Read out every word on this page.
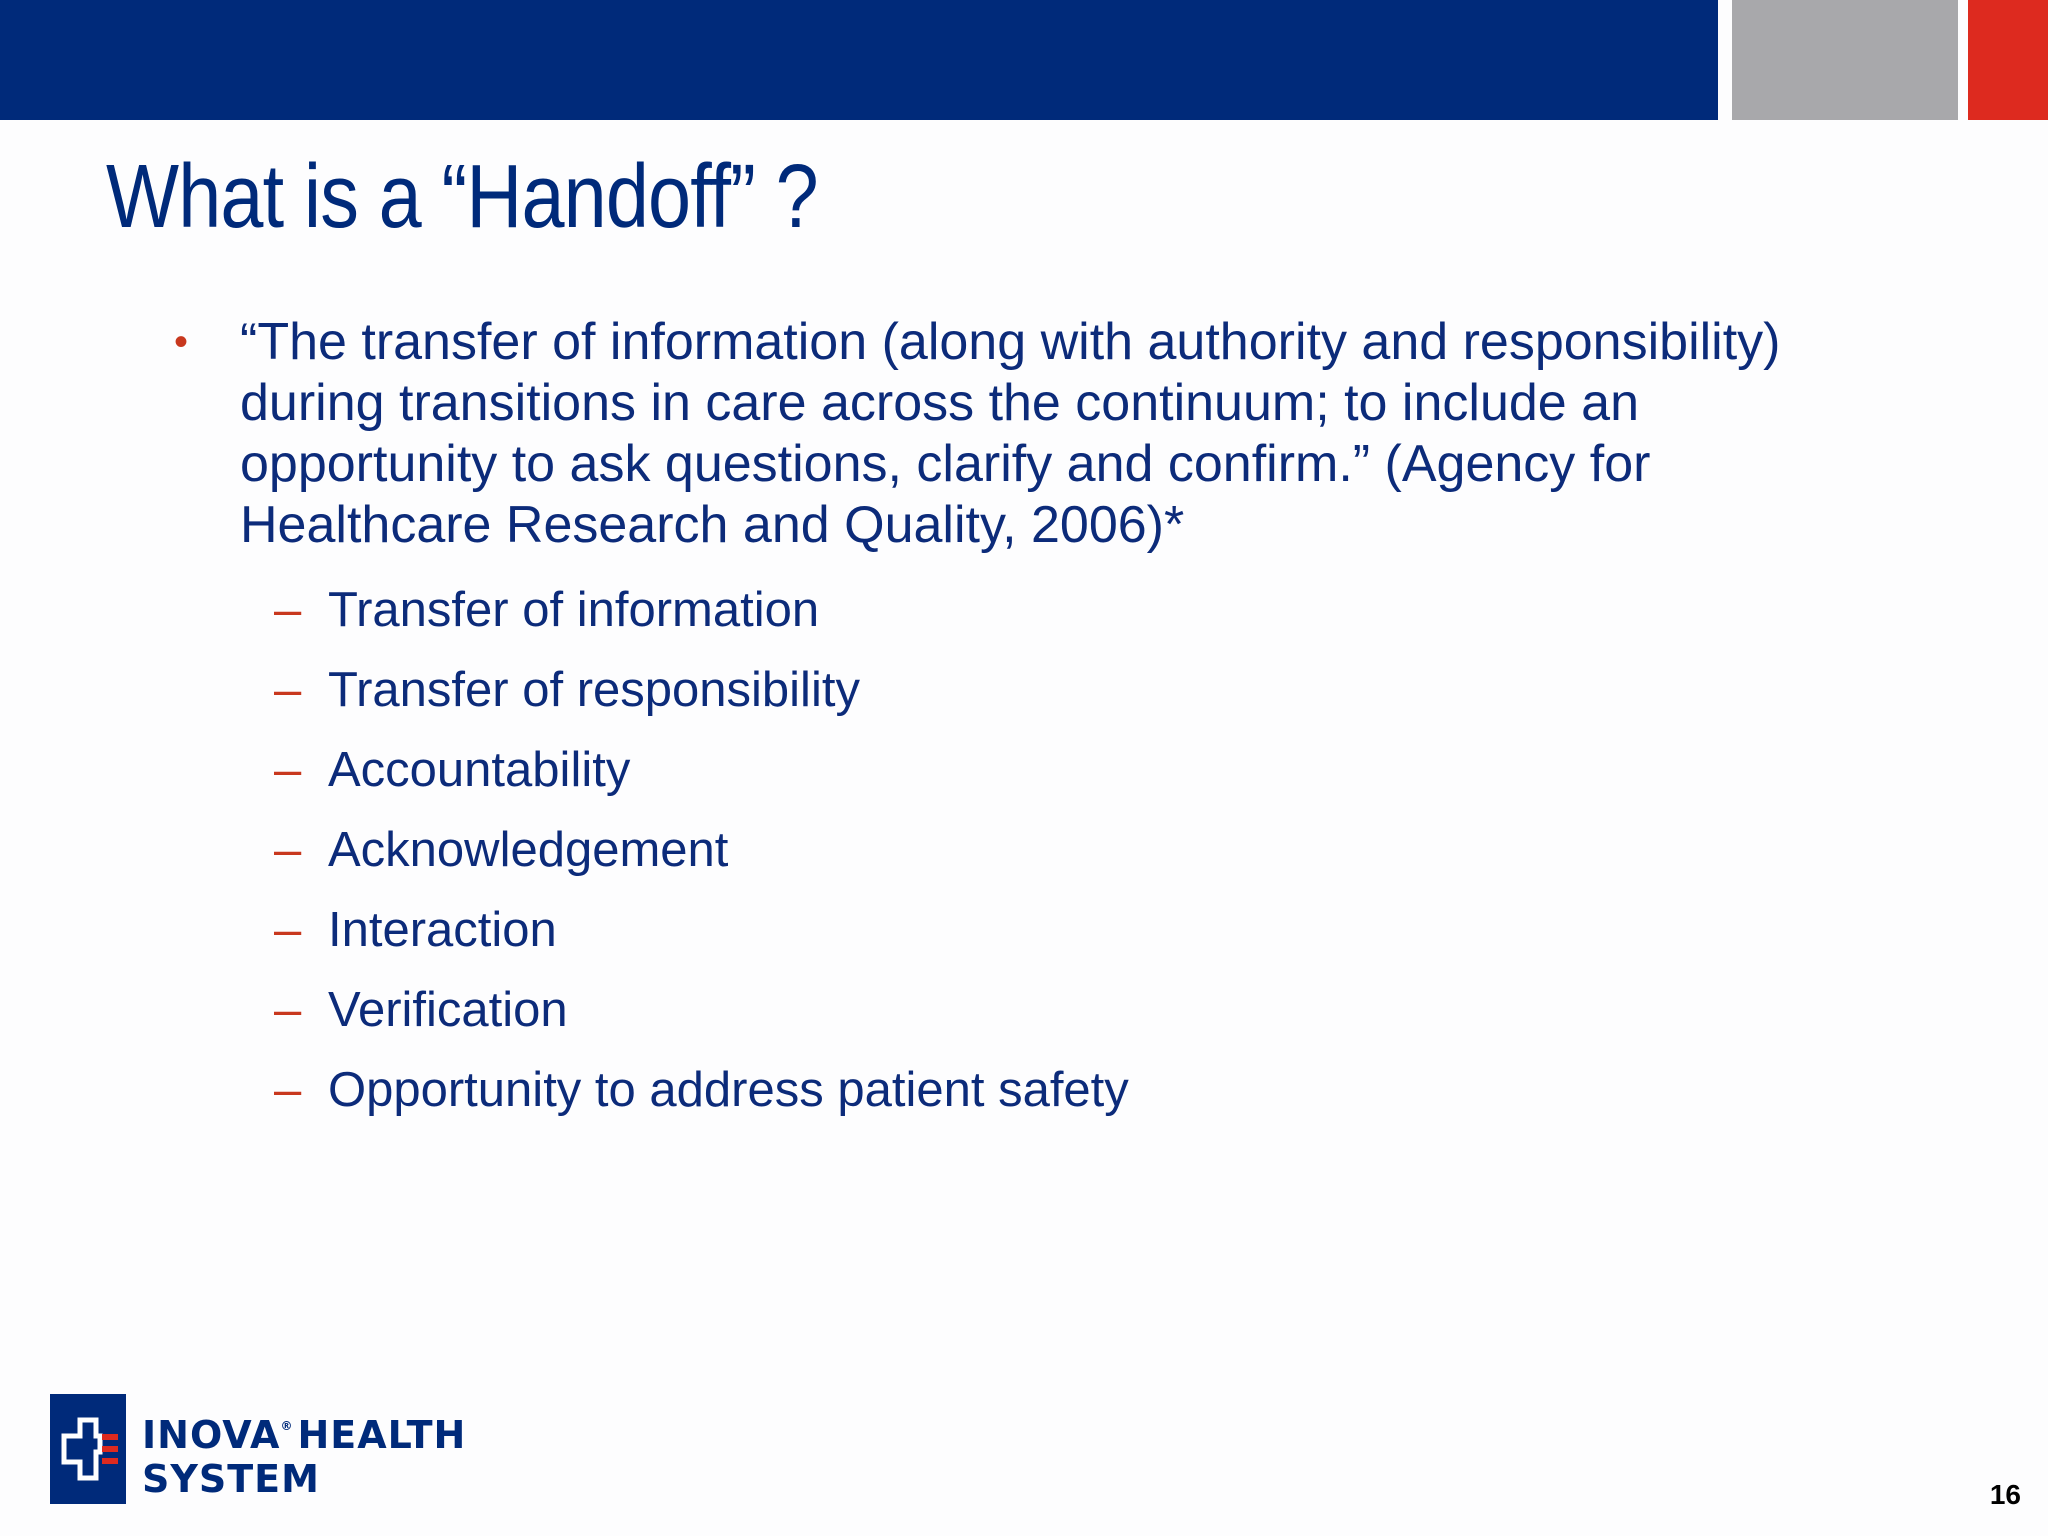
What is a “Handoff” ?
• “The transfer of information (along with authority and responsibility) during transitions in care across the continuum; to include an opportunity to ask questions, clarify and confirm.” (Agency for Healthcare Research and Quality, 2006)*
– Transfer of information
– Transfer of responsibility
– Accountability
– Acknowledgement
– Interaction
– Verification
– Opportunity to address patient safety
INOVA® HEALTH
SYSTEM	16
